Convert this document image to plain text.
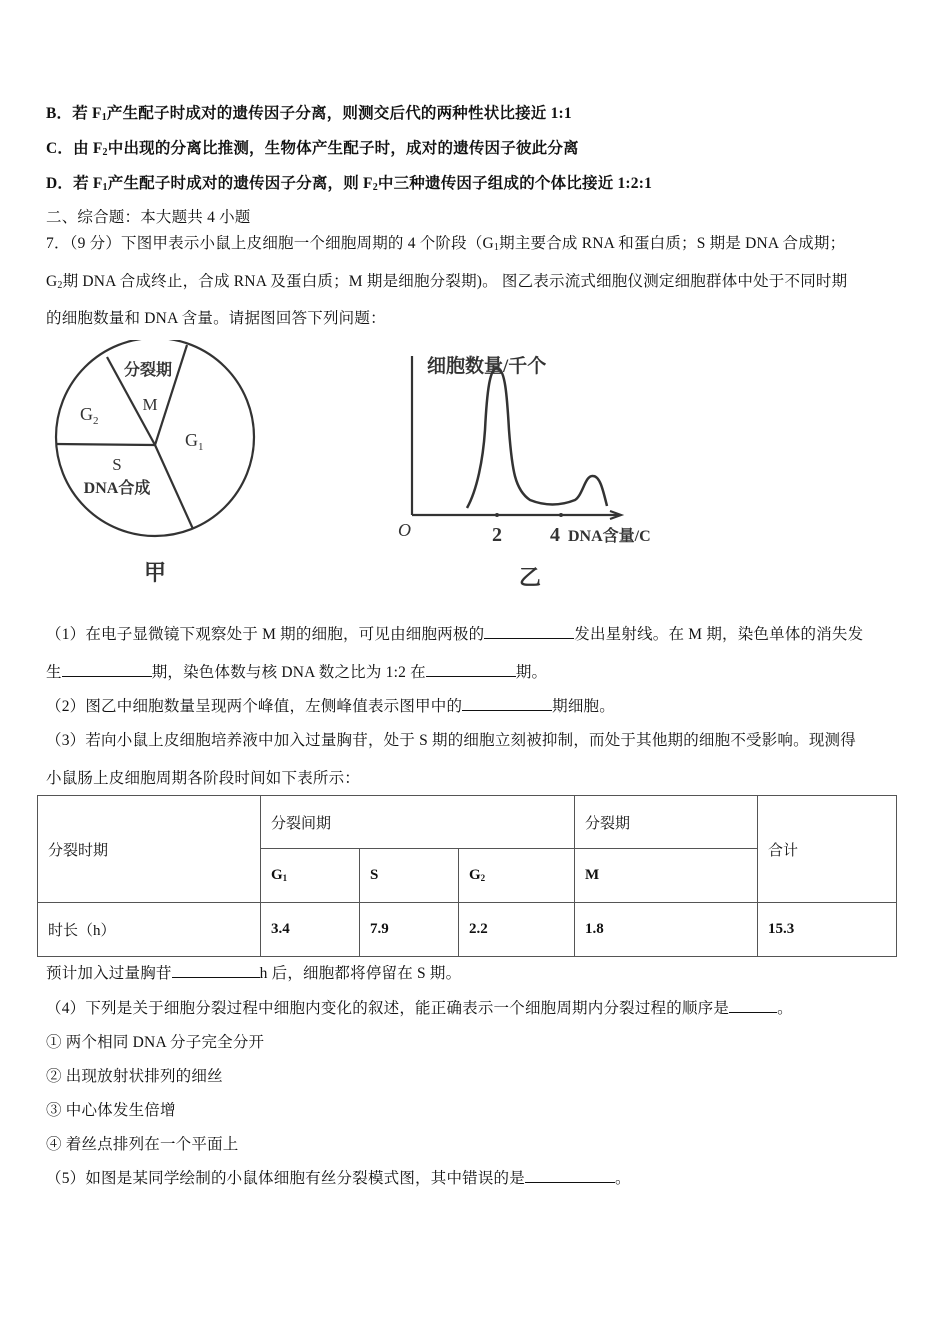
B．若 $F_1$产生配子时成对的遗传因子分离，则测交后代的两种性状比接近 1:1
C．由 $F_2$中出现的分离比推测，生物体产生配子时，成对的遗传因子彼此分离
D．若 $F_1$产生配子时成对的遗传因子分离，则 $F_2$中三种遗传因子组成的个体比接近 1:2:1
二、综合题：本大题共 4 小题
7．（9 分）下图甲表示小鼠上皮细胞一个细胞周期的 4 个阶段（$G_1$期主要合成 RNA 和蛋白质；S 期是 DNA 合成期；
$G_2$期 DNA 合成终止，合成 RNA 及蛋白质；M 期是细胞分裂期)。 图乙表示流式细胞仪测定细胞群体中处于不同时期
的细胞数量和 DNA 含量。请据图回答下列问题：
分裂期
M
$G_2$
$G_1$
S
DNA合成
甲
细胞数量/千个
O	2 4 DNA含量/C
乙
（1）在电子显微镜下观察处于 M 期的细胞，可见由细胞两极的	发出星射线。在 M 期，染色单体的消失发
生	期，染色体数与核 DNA 数之比为 1:2 在	期。
（2）图乙中细胞数量呈现两个峰值，左侧峰值表示图甲中的	期细胞。
（3）若向小鼠上皮细胞培养液中加入过量胸苷，处于 S 期的细胞立刻被抑制，而处于其他期的细胞不受影响。现测得
小鼠肠上皮细胞周期各阶段时间如下表所示：
分裂时期	分裂间期			分裂期	合计
	$G_1$	S	$G_2$	M	
时长（h）	3.4	7.9	2.2	1.8	15.3
预计加入过量胸苷	h 后，细胞都将停留在 S 期。
（4）下列是关于细胞分裂过程中细胞内变化的叙述，能正确表示一个细胞周期内分裂过程的顺序是	。
① 两个相同 DNA 分子完全分开
② 出现放射状排列的细丝
③ 中心体发生倍增
④ 着丝点排列在一个平面上
（5）如图是某同学绘制的小鼠体细胞有丝分裂模式图，其中错误的是	。
